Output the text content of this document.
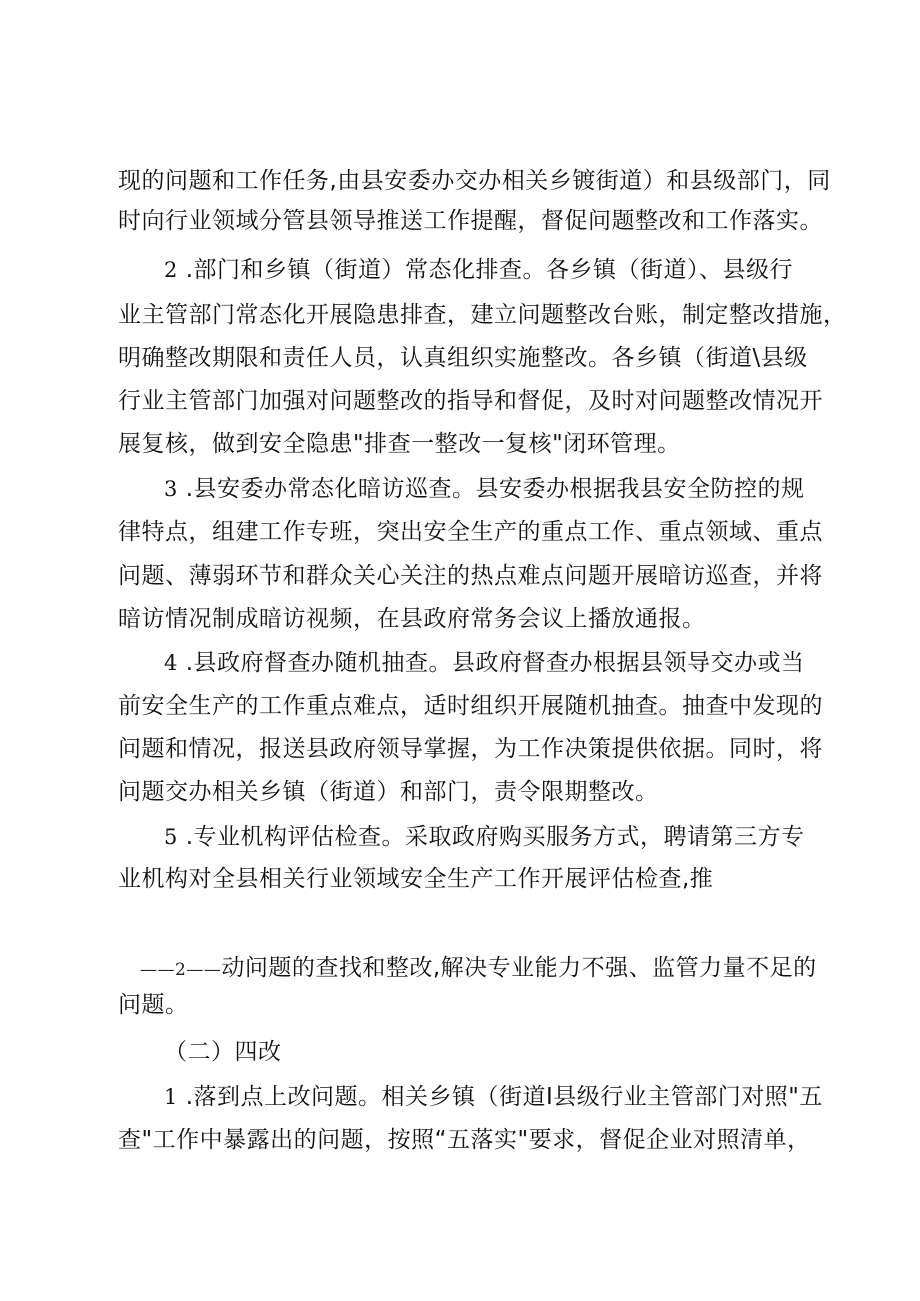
现的问题和工作任务,由县安委办交办相关乡镀街道）和县级部门，同
时向行业领域分管县领导推送工作提醒，督促问题整改和工作落实。
2 .部门和乡镇（街道）常态化排查。各乡镇（街道）、县级行
业主管部门常态化开展隐患排查，建立问题整改台账，制定整改措施，
明确整改期限和责任人员，认真组织实施整改。各乡镇（街道\县级
行业主管部门加强对问题整改的指导和督促，及时对问题整改情况开
展复核，做到安全隐患"排查一整改一复核"闭环管理。
3 .县安委办常态化暗访巡查。县安委办根据我县安全防控的规
律特点，组建工作专班，突出安全生产的重点工作、重点领域、重点
问题、薄弱环节和群众关心关注的热点难点问题开展暗访巡查，并将
暗访情况制成暗访视频，在县政府常务会议上播放通报。
4 .县政府督查办随机抽查。县政府督查办根据县领导交办或当
前安全生产的工作重点难点，适时组织开展随机抽查。抽查中发现的
问题和情况，报送县政府领导掌握，为工作决策提供依据。同时，将
问题交办相关乡镇（街道）和部门，责令限期整改。
5 .专业机构评估检查。采取政府购买服务方式，聘请第三方专
业机构对全县相关行业领域安全生产工作开展评估检查,推
——2——动问题的查找和整改,解决专业能力不强、监管力量不足的
问题。
（二）四改
1 .落到点上改问题。相关乡镇（街道I县级行业主管部门对照"五
查"工作中暴露出的问题，按照“五落实"要求，督促企业对照清单，
